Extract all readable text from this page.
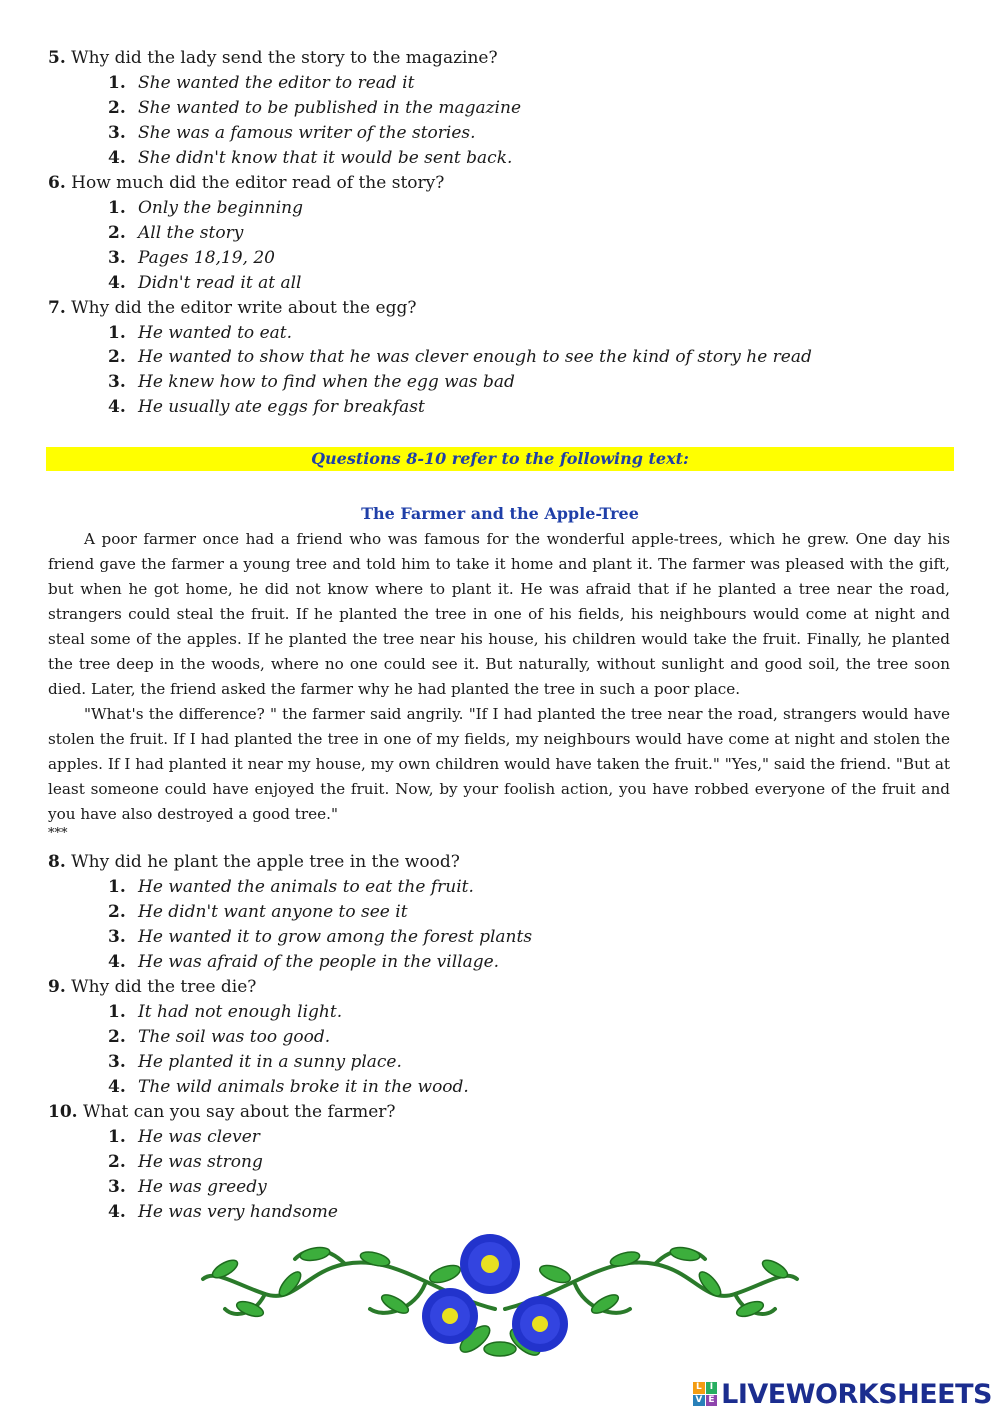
5. Why did the lady send the story to the magazine?
1. She wanted the editor to read it
2. She wanted to be published in the magazine
3. She was a famous writer of the stories.
4. She didn't know that it would be sent back.
6. How much did the editor read of the story?
1. Only the beginning
2. All the story
3. Pages 18,19, 20
4. Didn't read it at all
7. Why did the editor write about the egg?
1. He wanted to eat.
2. He wanted to show that he was clever enough to see the kind of story he read
3. He knew how to find when the egg was bad
4. He usually ate eggs for breakfast
Questions 8-10 refer to the following text:
The Farmer and the Apple-Tree
A poor farmer once had a friend who was famous for the wonderful apple-trees, which he grew. One day his friend gave the farmer a young tree and told him to take it home and plant it. The farmer was pleased with the gift, but when he got home, he did not know where to plant it. He was afraid that if he planted a tree near the road, strangers could steal the fruit. If he planted the tree in one of his fields, his neighbours would come at night and steal some of the apples. If he planted the tree near his house, his children would take the fruit. Finally, he planted the tree deep in the woods, where no one could see it. But naturally, without sunlight and good soil, the tree soon died. Later, the friend asked the farmer why he had planted the tree in such a poor place.
"What's the difference? " the farmer said angrily. "If I had planted the tree near the road, strangers would have stolen the fruit. If I had planted the tree in one of my fields, my neighbours would have come at night and stolen the apples. If I had planted it near my house, my own children would have taken the fruit." "Yes," said the friend. "But at least someone could have enjoyed the fruit. Now, by your foolish action, you have robbed everyone of the fruit and you have also destroyed a good tree."
***
8. Why did he plant the apple tree in the wood?
1. He wanted the animals to eat the fruit.
2. He didn't want anyone to see it
3. He wanted it to grow among the forest plants
4. He was afraid of the people in the village.
9. Why did the tree die?
1. It had not enough light.
2. The soil was too good.
3. He planted it in a sunny place.
4. The wild animals broke it in the wood.
10. What can you say about the farmer?
1. He was clever
2. He was strong
3. He was greedy
4. He was very handsome
L I
V E LIVEWORKSHEETS
